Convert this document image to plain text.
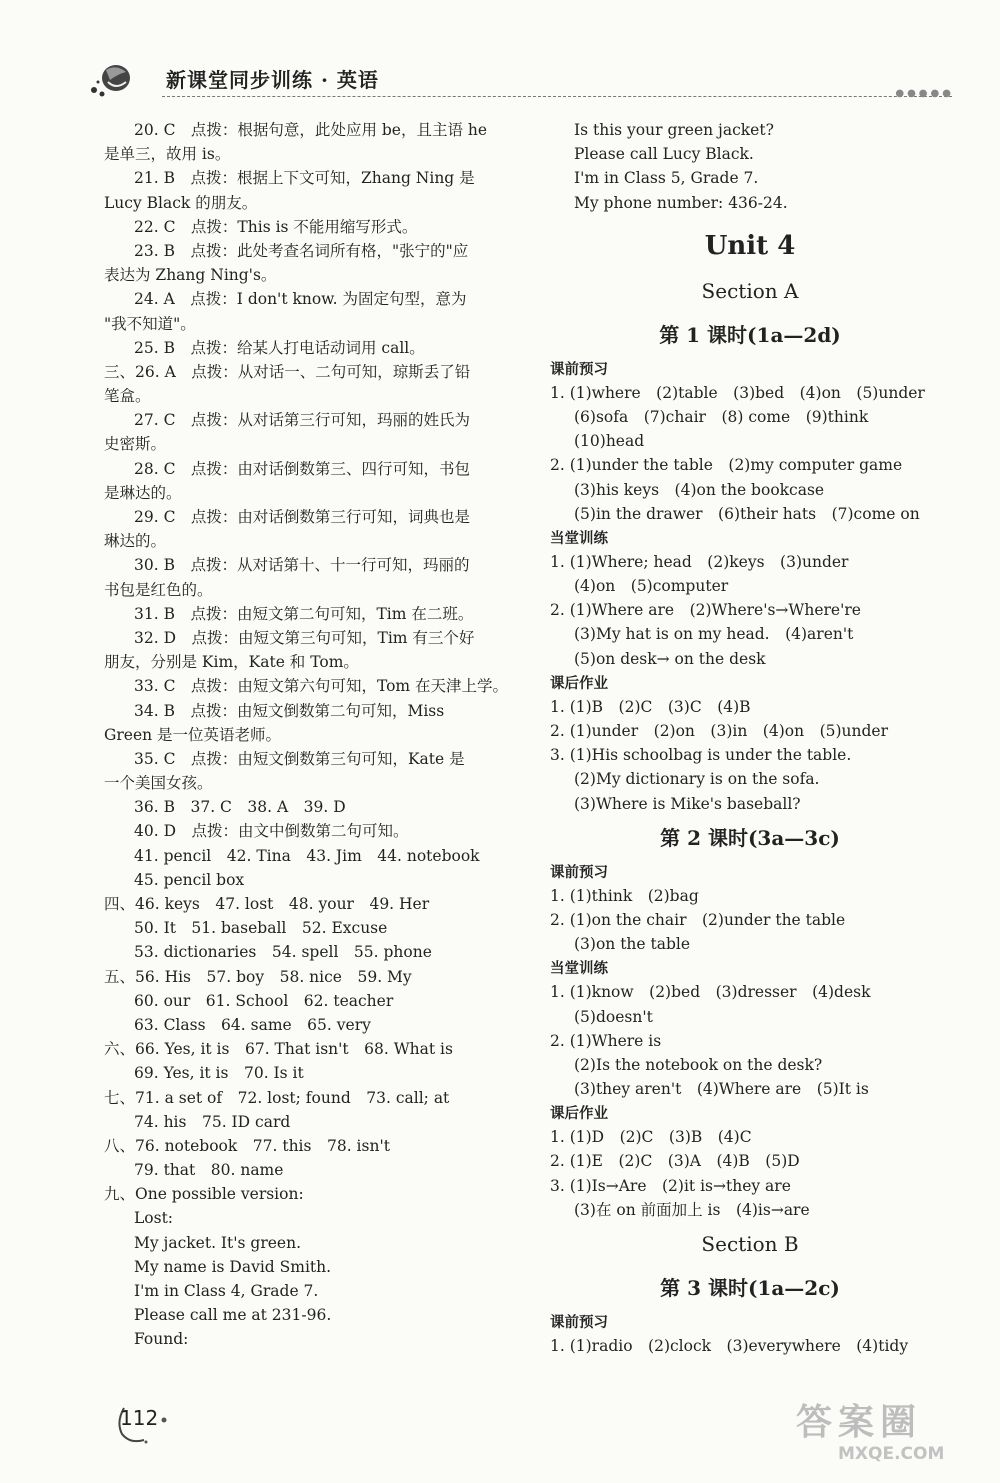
新课堂同步训练 · 英语
●●●●●
20. C　点拨：根据句意，此处应用 be，且主语 he
是单三，故用 is。
21. B　点拨：根据上下文可知，Zhang Ning 是
Lucy Black 的朋友。
22. C　点拨：This is 不能用缩写形式。
23. B　点拨：此处考查名词所有格，"张宁的"应
表达为 Zhang Ning's。
24. A　点拨：I don't know. 为固定句型，意为
"我不知道"。
25. B　点拨：给某人打电话动词用 call。
三、26. A　点拨：从对话一、二句可知，琼斯丢了铅
笔盒。
27. C　点拨：从对话第三行可知，玛丽的姓氏为
史密斯。
28. C　点拨：由对话倒数第三、四行可知，书包
是琳达的。
29. C　点拨：由对话倒数第三行可知，词典也是
琳达的。
30. B　点拨：从对话第十、十一行可知，玛丽的
书包是红色的。
31. B　点拨：由短文第二句可知，Tim 在二班。
32. D　点拨：由短文第三句可知，Tim 有三个好
朋友，分别是 Kim，Kate 和 Tom。
33. C　点拨：由短文第六句可知，Tom 在天津上学。
34. B　点拨：由短文倒数第二句可知，Miss
Green 是一位英语老师。
35. C　点拨：由短文倒数第三句可知，Kate 是
一个美国女孩。
36. B　37. C　38. A　39. D
40. D　点拨：由文中倒数第二句可知。
41. pencil　42. Tina　43. Jim　44. notebook
45. pencil box
四、46. keys　47. lost　48. your　49. Her
50. It　51. baseball　52. Excuse
53. dictionaries　54. spell　55. phone
五、56. His　57. boy　58. nice　59. My
60. our　61. School　62. teacher
63. Class　64. same　65. very
六、66. Yes, it is　67. That isn't　68. What is
69. Yes, it is　70. Is it
七、71. a set of　72. lost; found　73. call; at
74. his　75. ID card
八、76. notebook　77. this　78. isn't
79. that　80. name
九、One possible version:
Lost:
My jacket. It's green.
My name is David Smith.
I'm in Class 4, Grade 7.
Please call me at 231-96.
Found:
Is this your green jacket?
Please call Lucy Black.
I'm in Class 5, Grade 7.
My phone number: 436-24.
Unit 4
Section A
第 1 课时(1a—2d)
课前预习
1. (1)where　(2)table　(3)bed　(4)on　(5)under
(6)sofa　(7)chair　(8) come　(9)think
(10)head
2. (1)under the table　(2)my computer game
(3)his keys　(4)on the bookcase
(5)in the drawer　(6)their hats　(7)come on
当堂训练
1. (1)Where; head　(2)keys　(3)under
(4)on　(5)computer
2. (1)Where are　(2)Where's→Where're
(3)My hat is on my head.　(4)aren't
(5)on desk→ on the desk
课后作业
1. (1)B　(2)C　(3)C　(4)B
2. (1)under　(2)on　(3)in　(4)on　(5)under
3. (1)His schoolbag is under the table.
(2)My dictionary is on the sofa.
(3)Where is Mike's baseball?
第 2 课时(3a—3c)
课前预习
1. (1)think　(2)bag
2. (1)on the chair　(2)under the table
(3)on the table
当堂训练
1. (1)know　(2)bed　(3)dresser　(4)desk
(5)doesn't
2. (1)Where is
(2)Is the notebook on the desk?
(3)they aren't　(4)Where are　(5)It is
课后作业
1. (1)D　(2)C　(3)B　(4)C
2. (1)E　(2)C　(3)A　(4)B　(5)D
3. (1)Is→Are　(2)it is→they are
(3)在 on 前面加上 is　(4)is→are
Section B
第 3 课时(1a—2c)
课前预习
1. (1)radio　(2)clock　(3)everywhere　(4)tidy
112	答案圈
MXQE.COM
